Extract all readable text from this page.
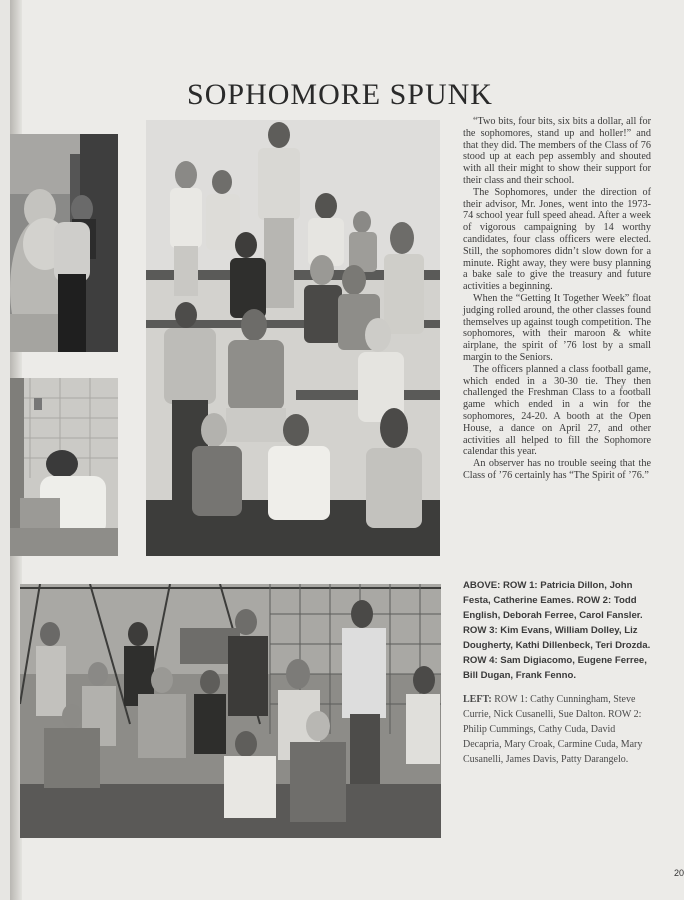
SOPHOMORE SPUNK

“Two bits, four bits, six bits a dollar, all for the sophomores, stand up and holler!” and that they did. The members of the Class of 76 stood up at each pep assembly and shouted with all their might to show their support for their class and their school.

The Sophomores, under the direction of their advisor, Mr. Jones, went into the 1973-74 school year full speed ahead. After a week of vigorous campaigning by 14 worthy candidates, four class officers were elected. Still, the sophomores didn’t slow down for a minute. Right away, they were busy planning a bake sale to give the treasury and future activities a beginning.

When the “Getting It Together Week” float judging rolled around, the other classes found themselves up against tough competition. The sophomores, with their maroon & white airplane, the spirit of ’76 lost by a small margin to the Seniors.

The officers planned a class football game, which ended in a 30-30 tie. They then challenged the Freshman Class to a football game which ended in a win for the sophomores, 24-20. A booth at the Open House, a dance on April 27, and other activities all helped to fill the Sophomore calendar this year.

An observer has no trouble seeing that the Class of ’76 certainly has “The Spirit of ’76.”

ABOVE: ROW 1: Patricia Dillon, John Festa, Catherine Eames. ROW 2: Todd English, Deborah Ferree, Carol Fansler. ROW 3: Kim Evans, William Dolley, Liz Dougherty, Kathi Dillenbeck, Teri Drozda. ROW 4: Sam Digiacomo, Eugene Ferree, Bill Dugan, Frank Fenno.
LEFT: ROW 1: Cathy Cunningham, Steve Currie, Nick Cusanelli, Sue Dalton. ROW 2: Philip Cummings, Cathy Cuda, David Decapria, Mary Croak, Carmine Cuda, Mary Cusanelli, James Davis, Patty Darangelo.
20
